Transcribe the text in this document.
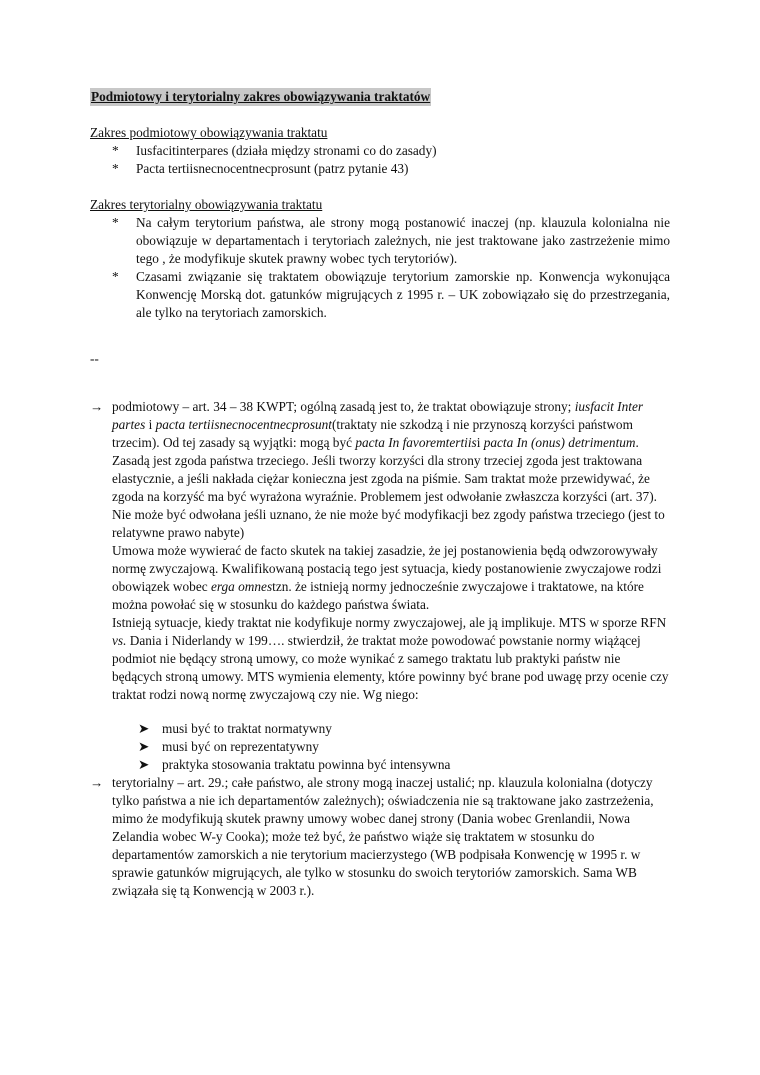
Podmiotowy i terytorialny zakres obowiązywania traktatów
Zakres podmiotowy obowiązywania traktatu
* Iusfacitinterpares (działa między stronami co do zasady)
* Pacta tertiisnecnocentnecprosunt (patrz pytanie 43)
Zakres terytorialny obowiązywania traktatu
* Na całym terytorium państwa, ale strony mogą postanowić inaczej (np. klauzula kolonialna nie obowiązuje w departamentach i terytoriach zależnych, nie jest traktowane jako zastrzeżenie mimo tego , że modyfikuje skutek prawny wobec tych terytoriów).
* Czasami związanie się traktatem obowiązuje terytorium zamorskie np. Konwencja wykonująca Konwencję Morską dot. gatunków migrujących z 1995 r. – UK zobowiązało się do przestrzegania, ale tylko na terytoriach zamorskich.
--
→ podmiotowy – art. 34 – 38 KWPT; ogólną zasadą jest to, że traktat obowiązuje strony; iusfacit Inter partes i pacta tertiisnecnocentnecprosunt(traktaty nie szkodzą i nie przynoszą korzyści państwom trzecim). Od tej zasady są wyjątki: mogą być pacta In favoremtertiisi pacta In (onus) detrimentum. Zasadą jest zgoda państwa trzeciego. Jeśli tworzy korzyści dla strony trzeciej zgoda jest traktowana elastycznie, a jeśli nakłada ciężar konieczna jest zgoda na piśmie. Sam traktat może przewidywać, że zgoda na korzyść ma być wyrażona wyraźnie. Problemem jest odwołanie zwłaszcza korzyści (art. 37). Nie może być odwołana jeśli uznano, że nie może być modyfikacji bez zgody państwa trzeciego (jest to relatywne prawo nabyte)

Umowa może wywierać de facto skutek na takiej zasadzie, że jej postanowienia będą odwzorowywały normę zwyczajową. Kwalifikowaną postacią tego jest sytuacja, kiedy postanowienie zwyczajowe rodzi obowiązek wobec erga omnestzn. że istnieją normy jednocześnie zwyczajowe i traktatowe, na które można powołać się w stosunku do każdego państwa świata.

Istnieją sytuacje, kiedy traktat nie kodyfikuje normy zwyczajowej, ale ją implikuje. MTS w sporze RFN vs. Dania i Niderlandy w 199…. stwierdził, że traktat może powodować powstanie normy wiążącej podmiot nie będący stroną umowy, co może wynikać z samego traktatu lub praktyki państw nie będących stroną umowy. MTS wymienia elementy, które powinny być brane pod uwagę przy ocenie czy traktat rodzi nową normę zwyczajową czy nie. Wg niego:

➤ musi być to traktat normatywny
➤ musi być on reprezentatywny
➤ praktyka stosowania traktatu powinna być intensywna
→ terytorialny – art. 29.; całe państwo, ale strony mogą inaczej ustalić; np. klauzula kolonialna (dotyczy tylko państwa a nie ich departamentów zależnych); oświadczenia nie są traktowane jako zastrzeżenia, mimo że modyfikują skutek prawny umowy wobec danej strony (Dania wobec Grenlandii, Nowa Zelandia wobec W-y Cooka); może też być, że państwo wiąże się traktatem w stosunku do departamentów zamorskich a nie terytorium macierzystego (WB podpisała Konwencję w 1995 r. w sprawie gatunków migrujących, ale tylko w stosunku do swoich terytoriów zamorskich. Sama WB związała się tą Konwencją w 2003 r.).
